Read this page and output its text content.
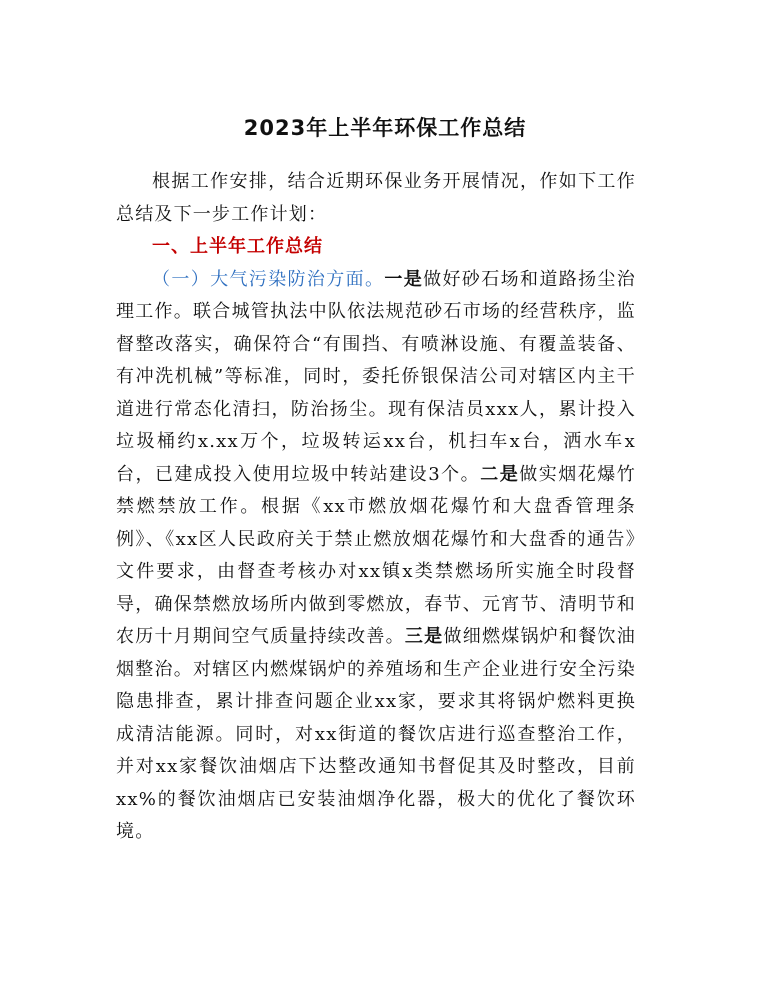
2023年上半年环保工作总结

根据工作安排，结合近期环保业务开展情况，作如下工作总结及下一步工作计划：

一、上半年工作总结

（一）大气污染防治方面。一是做好砂石场和道路扬尘治理工作。联合城管执法中队依法规范砂石市场的经营秩序，监督整改落实，确保符合“有围挡、有喷淋设施、有覆盖装备、有冲洗机械”等标准，同时，委托侨银保洁公司对辖区内主干道进行常态化清扫，防治扬尘。现有保洁员xxx人，累计投入垃圾桶约x.xx万个，垃圾转运xx台，机扫车x台，洒水车x台，已建成投入使用垃圾中转站建设3个。二是做实烟花爆竹禁燃禁放工作。根据《xx市燃放烟花爆竹和大盘香管理条例》、《xx区人民政府关于禁止燃放烟花爆竹和大盘香的通告》文件要求，由督查考核办对xx镇x类禁燃场所实施全时段督导，确保禁燃放场所内做到零燃放，春节、元宵节、清明节和农历十月期间空气质量持续改善。三是做细燃煤锅炉和餐饮油烟整治。对辖区内燃煤锅炉的养殖场和生产企业进行安全污染隐患排查，累计排查问题企业xx家，要求其将锅炉燃料更换成清洁能源。同时，对xx街道的餐饮店进行巡查整治工作，并对xx家餐饮油烟店下达整改通知书督促其及时整改，目前xx%的餐饮油烟店已安装油烟净化器，极大的优化了餐饮环境。
